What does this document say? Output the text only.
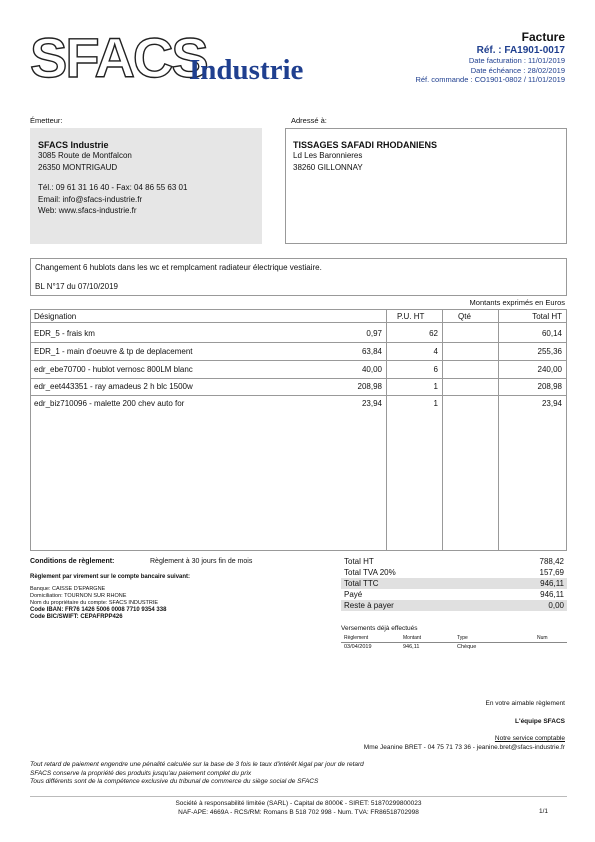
SFACS
Industrie
Facture
Réf. : FA1901-0017
Date facturation : 11/01/2019
Date échéance : 28/02/2019
Réf. commande : CO1901-0802 / 11/01/2019
Émetteur:
SFACS Industrie
3085 Route de Montfalcon
26350 MONTRIGAUD
Tél.: 09 61 31 16 40 - Fax: 04 86 55 63 01
Email: info@sfacs-industrie.fr
Web: www.sfacs-industrie.fr
Adressé à:
TISSAGES SAFADI RHODANIENS
Ld Les Baronnieres
38260 GILLONNAY
Changement 6 hublots dans les wc et remplcament radiateur électrique vestiaire.
BL N°17 du 07/10/2019
Montants exprimés en Euros
Désignation	P.U. HT	Qté	Total HT
EDR_5 - frais km	0,97	62	60,14
EDR_1 - main d'oeuvre & tp de deplacement	63,84	4	255,36
edr_ebe70700 - hublot vernosc 800LM blanc	40,00	6	240,00
edr_eet443351 - ray amadeus 2 h blc 1500w	208,98	1	208,98
edr_biz710096 - malette 200 chev auto for	23,94	1	23,94
Conditions de règlement:	Règlement à 30 jours fin de mois
Règlement par virement sur le compte bancaire suivant:
Banque: CAISSE D'EPARGNE
Domiciliation: TOURNON SUR RHONE
Nom du propriétaire du compte: SFACS INDUSTRIE
Code IBAN: FR76 1426 5006 0008 7710 9354 338
Code BIC/SWIFT: CEPAFRPP426
Total HT	788,42
Total TVA 20%	157,69
Total TTC	946,11
Payé	946,11
Reste à payer	0,00
Versements déjà effectués
Règlement	Montant	Type	Num
03/04/2019	946,11	Chèque
En votre aimable règlement
L'équipe SFACS
Notre service comptable
Mme Jeanine BRET - 04 75 71 73 36 - jeanine.bret@sfacs-industrie.fr
Tout retard de paiement engendre une pénalité calculée sur la base de 3 fois le taux d'intérêt légal par jour de retard
SFACS conserve la propriété des produits jusqu'au paiement complet du prix
Tous différents sont de la compétence exclusive du tribunal de commerce du siège social de SFACS
Société à responsabilité limitée (SARL) - Capital de 8000€ - SIRET: 51870299800023
NAF-APE: 4669A - RCS/RM: Romans B 518 702 998 - Num. TVA: FR86518702998	1/1
